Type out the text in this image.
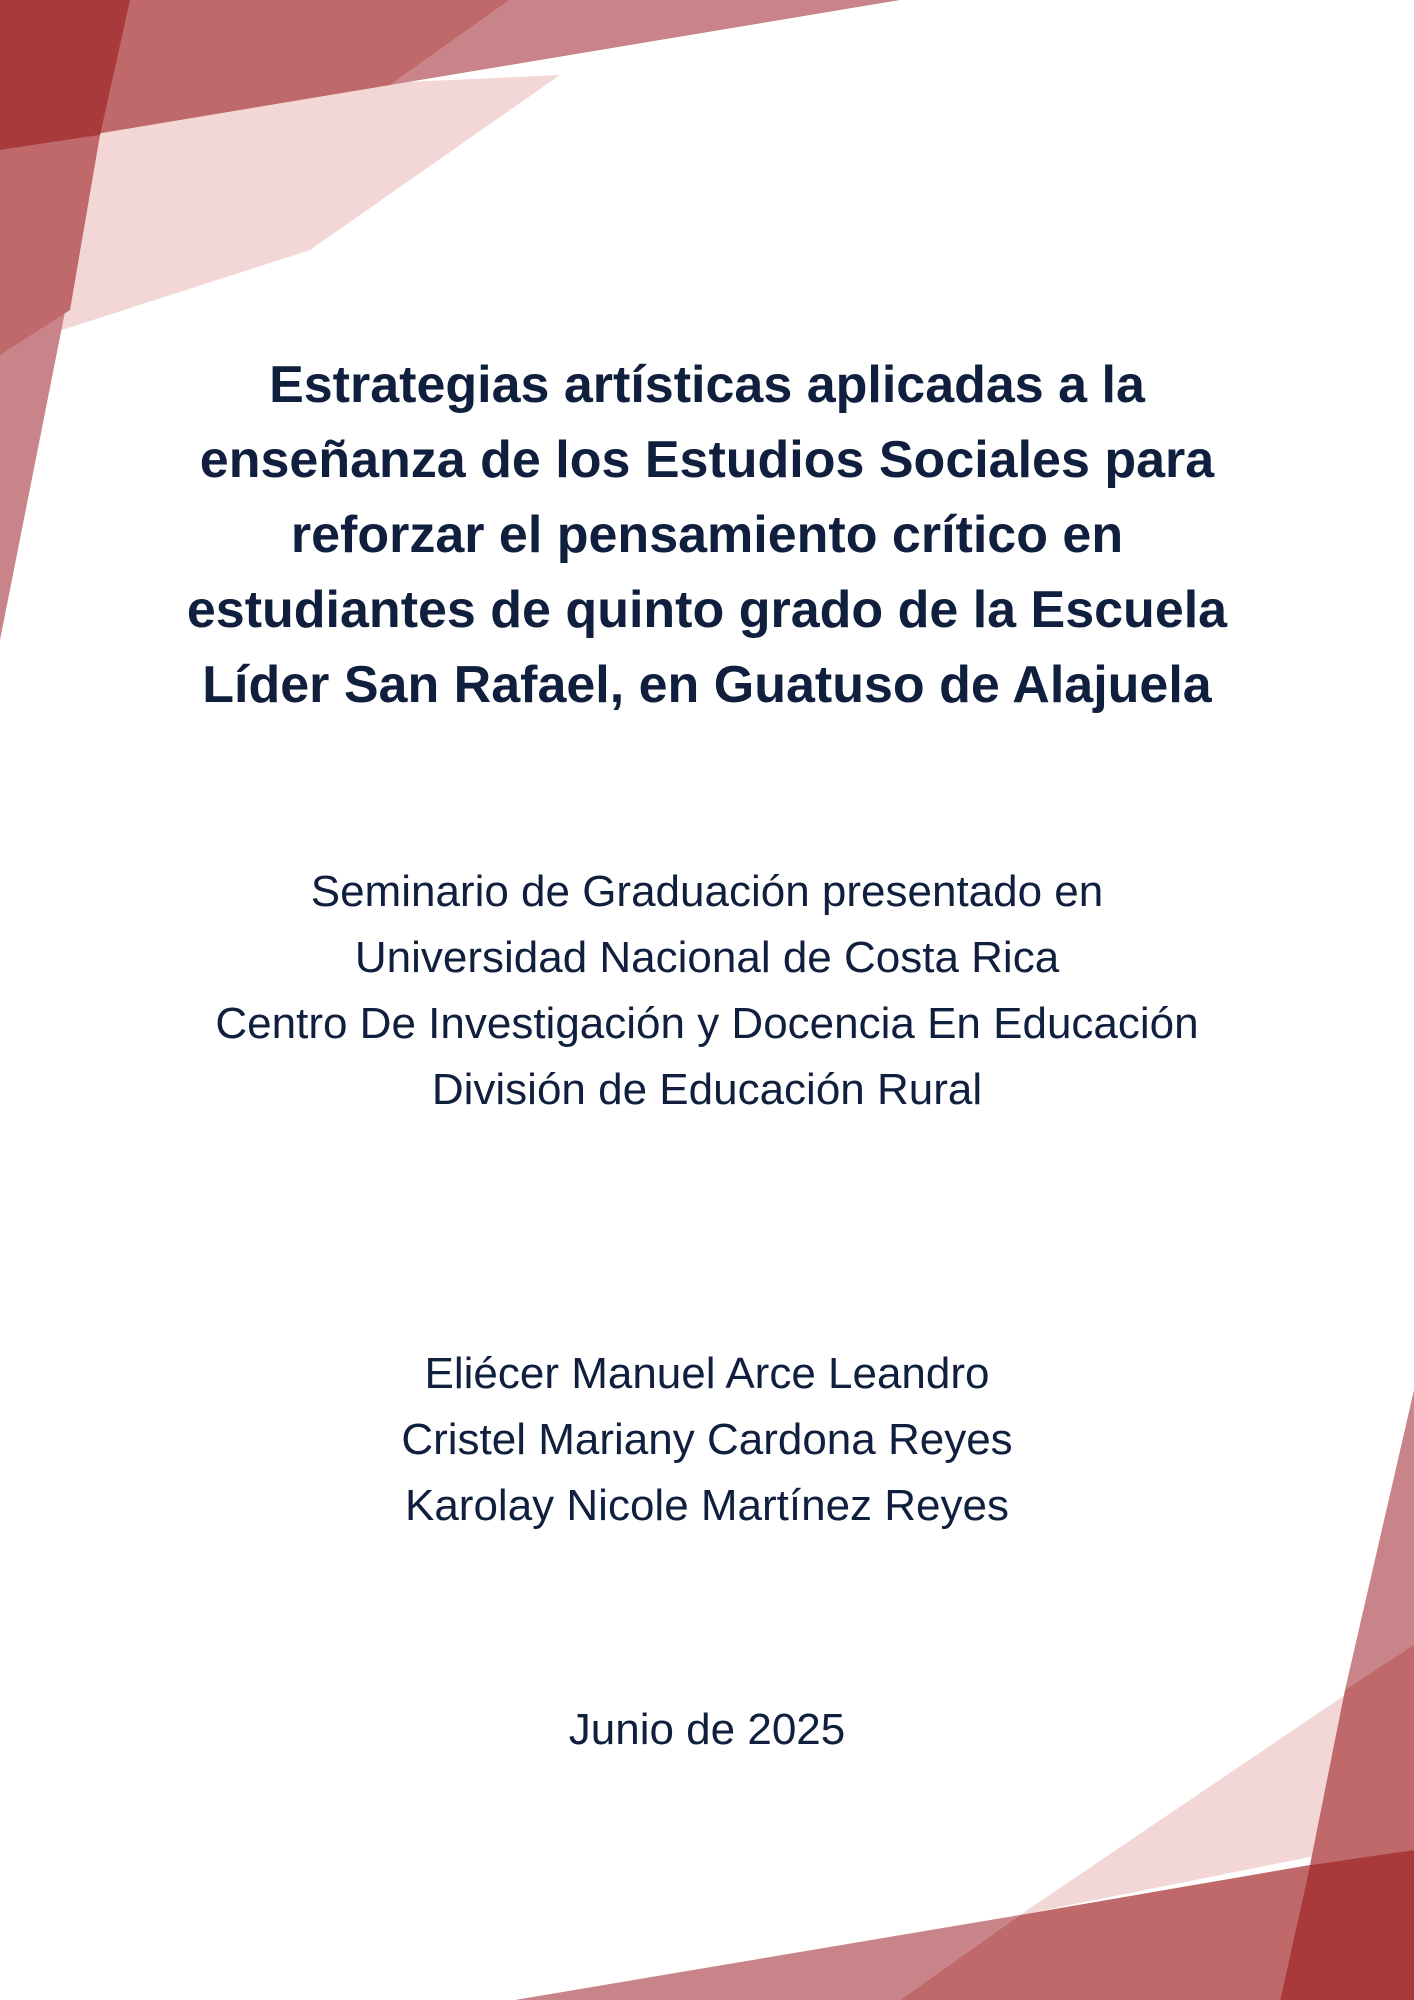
Estrategias artísticas aplicadas a la
enseñanza de los Estudios Sociales para
reforzar el pensamiento crítico en
estudiantes de quinto grado de la Escuela
Líder San Rafael, en Guatuso de Alajuela
Seminario de Graduación presentado en
Universidad Nacional de Costa Rica
Centro De Investigación y Docencia En Educación
División de Educación Rural
Eliécer Manuel Arce Leandro
Cristel Mariany Cardona Reyes
Karolay Nicole Martínez Reyes
Junio de 2025
